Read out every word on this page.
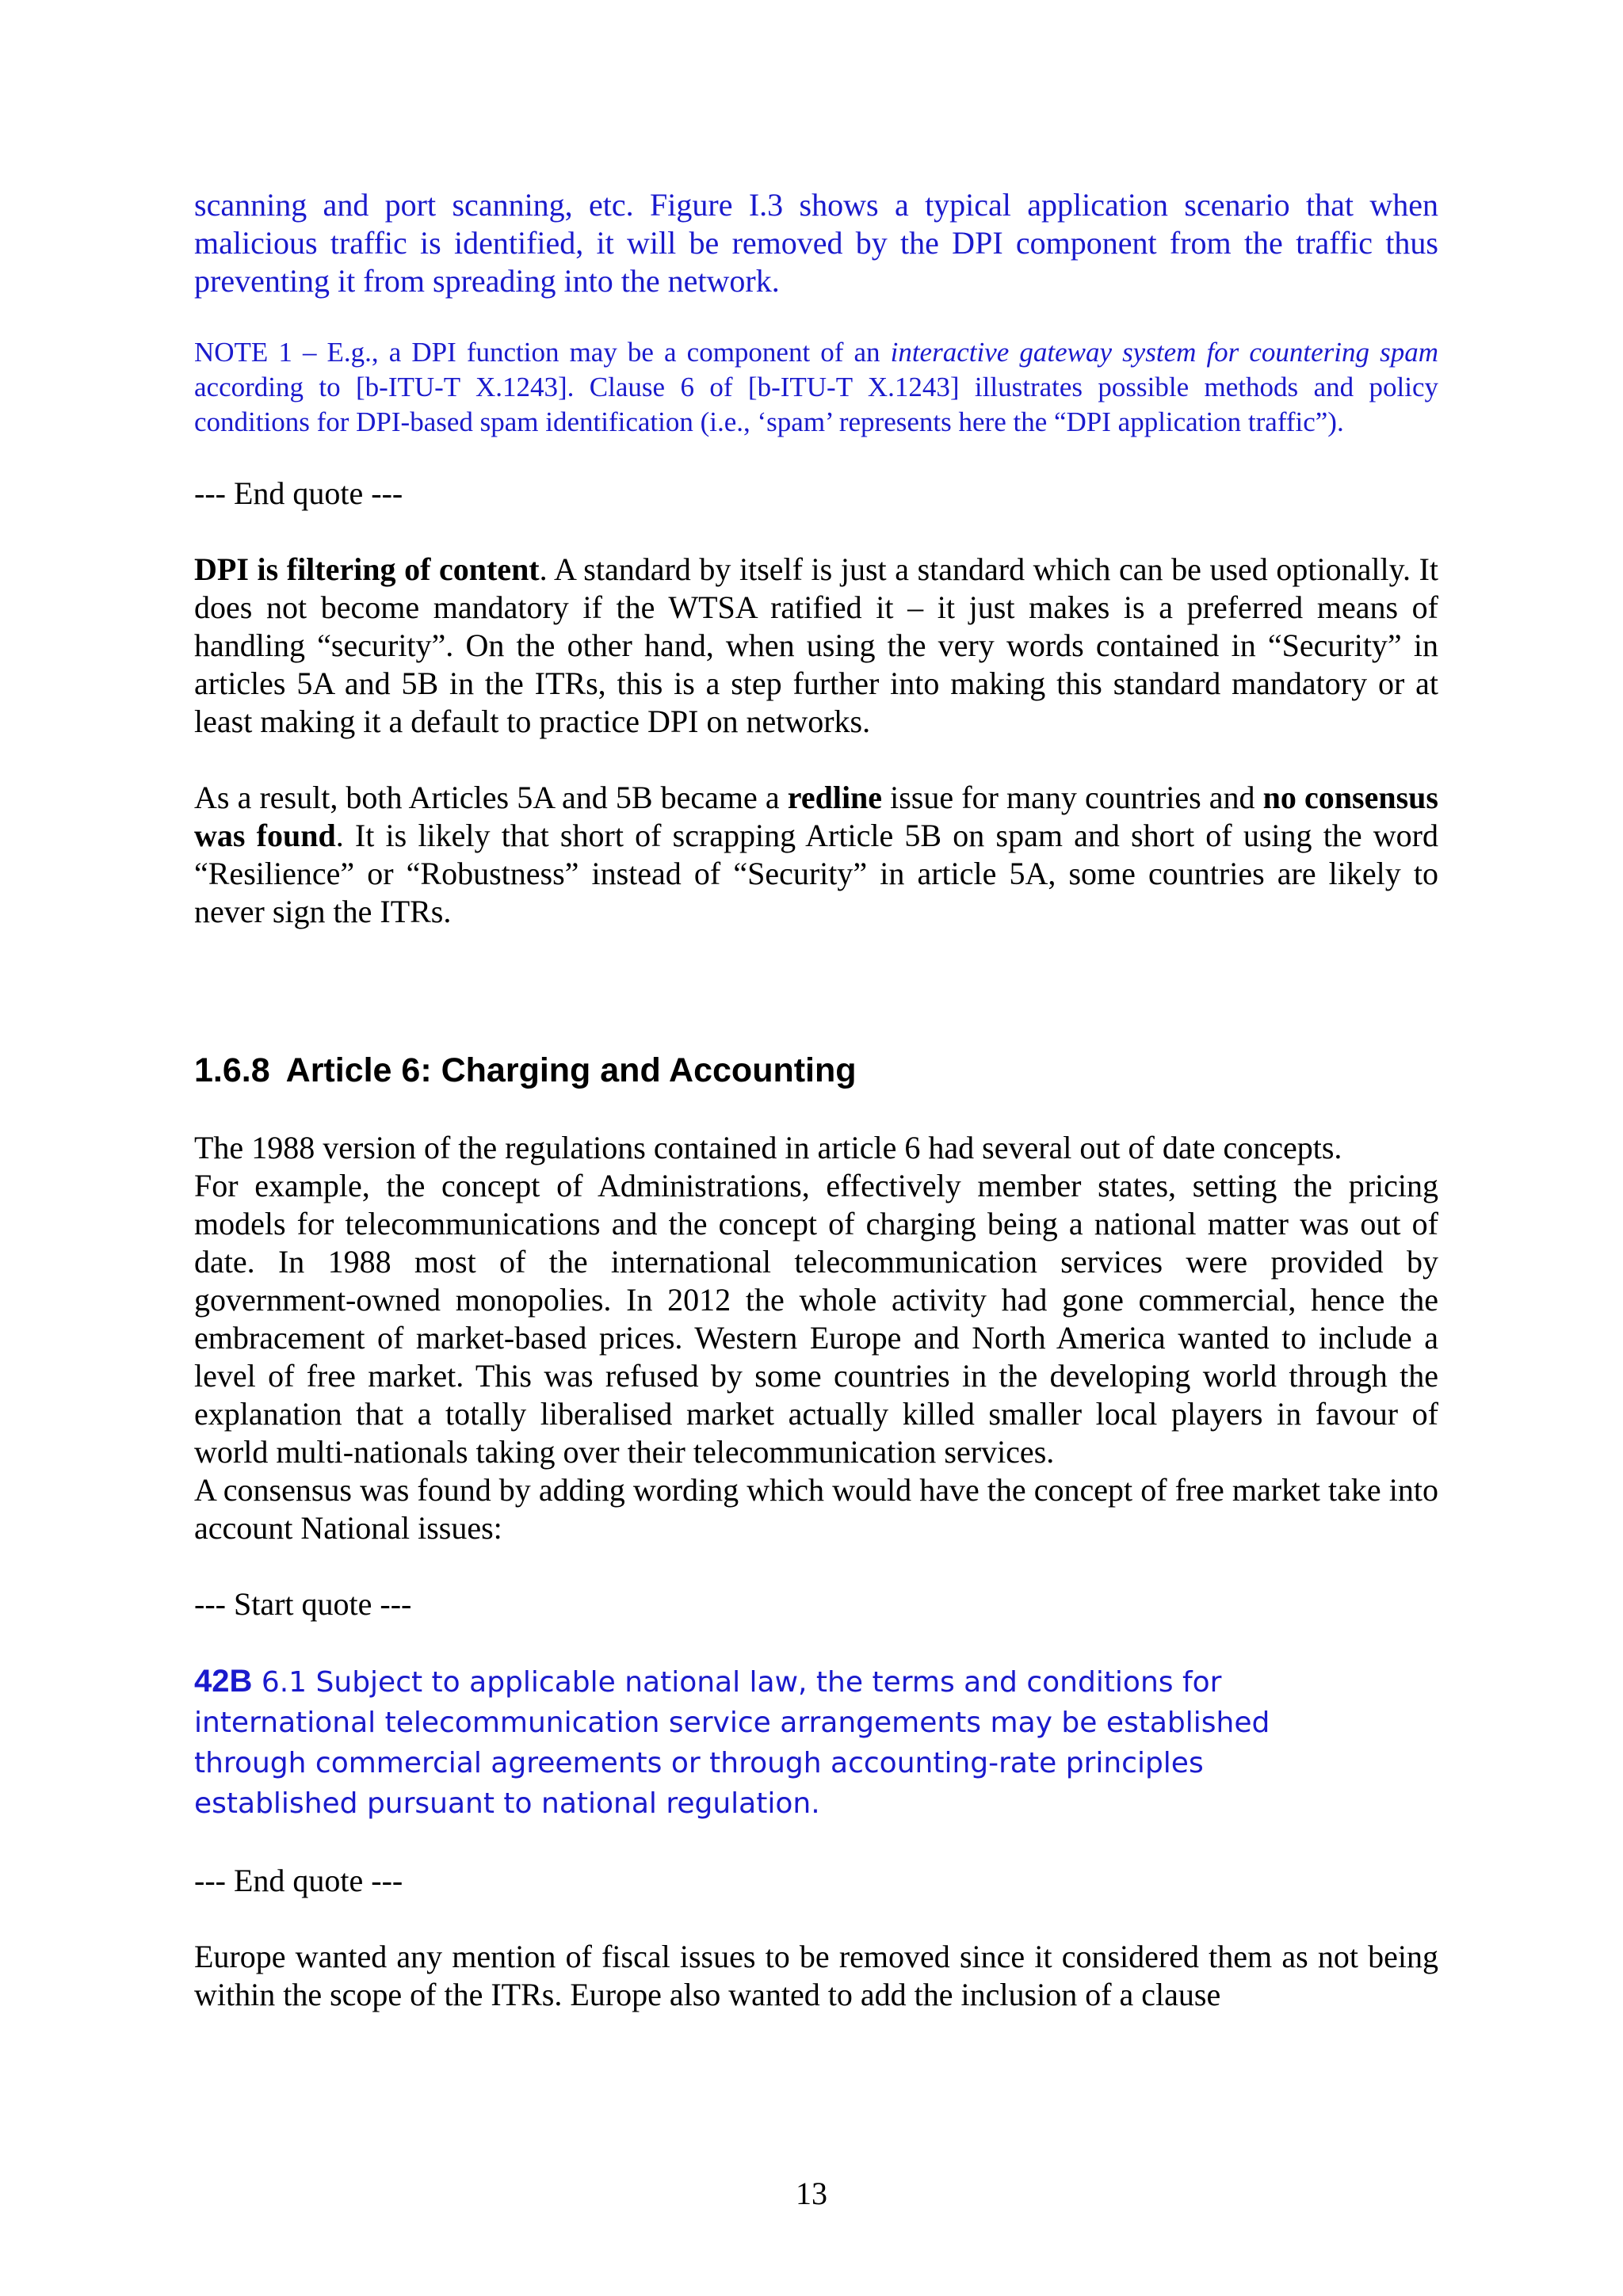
scanning and port scanning, etc. Figure I.3 shows a typical application scenario that when malicious traffic is identified, it will be removed by the DPI component from the traffic thus preventing it from spreading into the network.

NOTE 1 – E.g., a DPI function may be a component of an interactive gateway system for countering spam according to [b-ITU-T X.1243]. Clause 6 of [b-ITU-T X.1243] illustrates possible methods and policy conditions for DPI-based spam identification (i.e., ‘spam’ represents here the “DPI application traffic”).

--- End quote ---

DPI is filtering of content. A standard by itself is just a standard which can be used optionally. It does not become mandatory if the WTSA ratified it – it just makes is a preferred means of handling “security”. On the other hand, when using the very words contained in “Security” in articles 5A and 5B in the ITRs, this is a step further into making this standard mandatory or at least making it a default to practice DPI on networks.

As a result, both Articles 5A and 5B became a redline issue for many countries and no consensus was found. It is likely that short of scrapping Article 5B on spam and short of using the word “Resilience” or “Robustness” instead of “Security” in article 5A, some countries are likely to never sign the ITRs.

1.6.8 Article 6: Charging and Accounting

The 1988 version of the regulations contained in article 6 had several out of date concepts.

For example, the concept of Administrations, effectively member states, setting the pricing models for telecommunications and the concept of charging being a national matter was out of date. In 1988 most of the international telecommunication services were provided by government-owned monopolies. In 2012 the whole activity had gone commercial, hence the embracement of market-based prices. Western Europe and North America wanted to include a level of free market. This was refused by some countries in the developing world through the explanation that a totally liberalised market actually killed smaller local players in favour of world multi-nationals taking over their telecommunication services.

A consensus was found by adding wording which would have the concept of free market take into account National issues:

--- Start quote ---

42B 6.1 Subject to applicable national law, the terms and conditions for international telecommunication service arrangements may be established through commercial agreements or through accounting-rate principles established pursuant to national regulation.

--- End quote ---

Europe wanted any mention of fiscal issues to be removed since it considered them as not being within the scope of the ITRs. Europe also wanted to add the inclusion of a clause

13
